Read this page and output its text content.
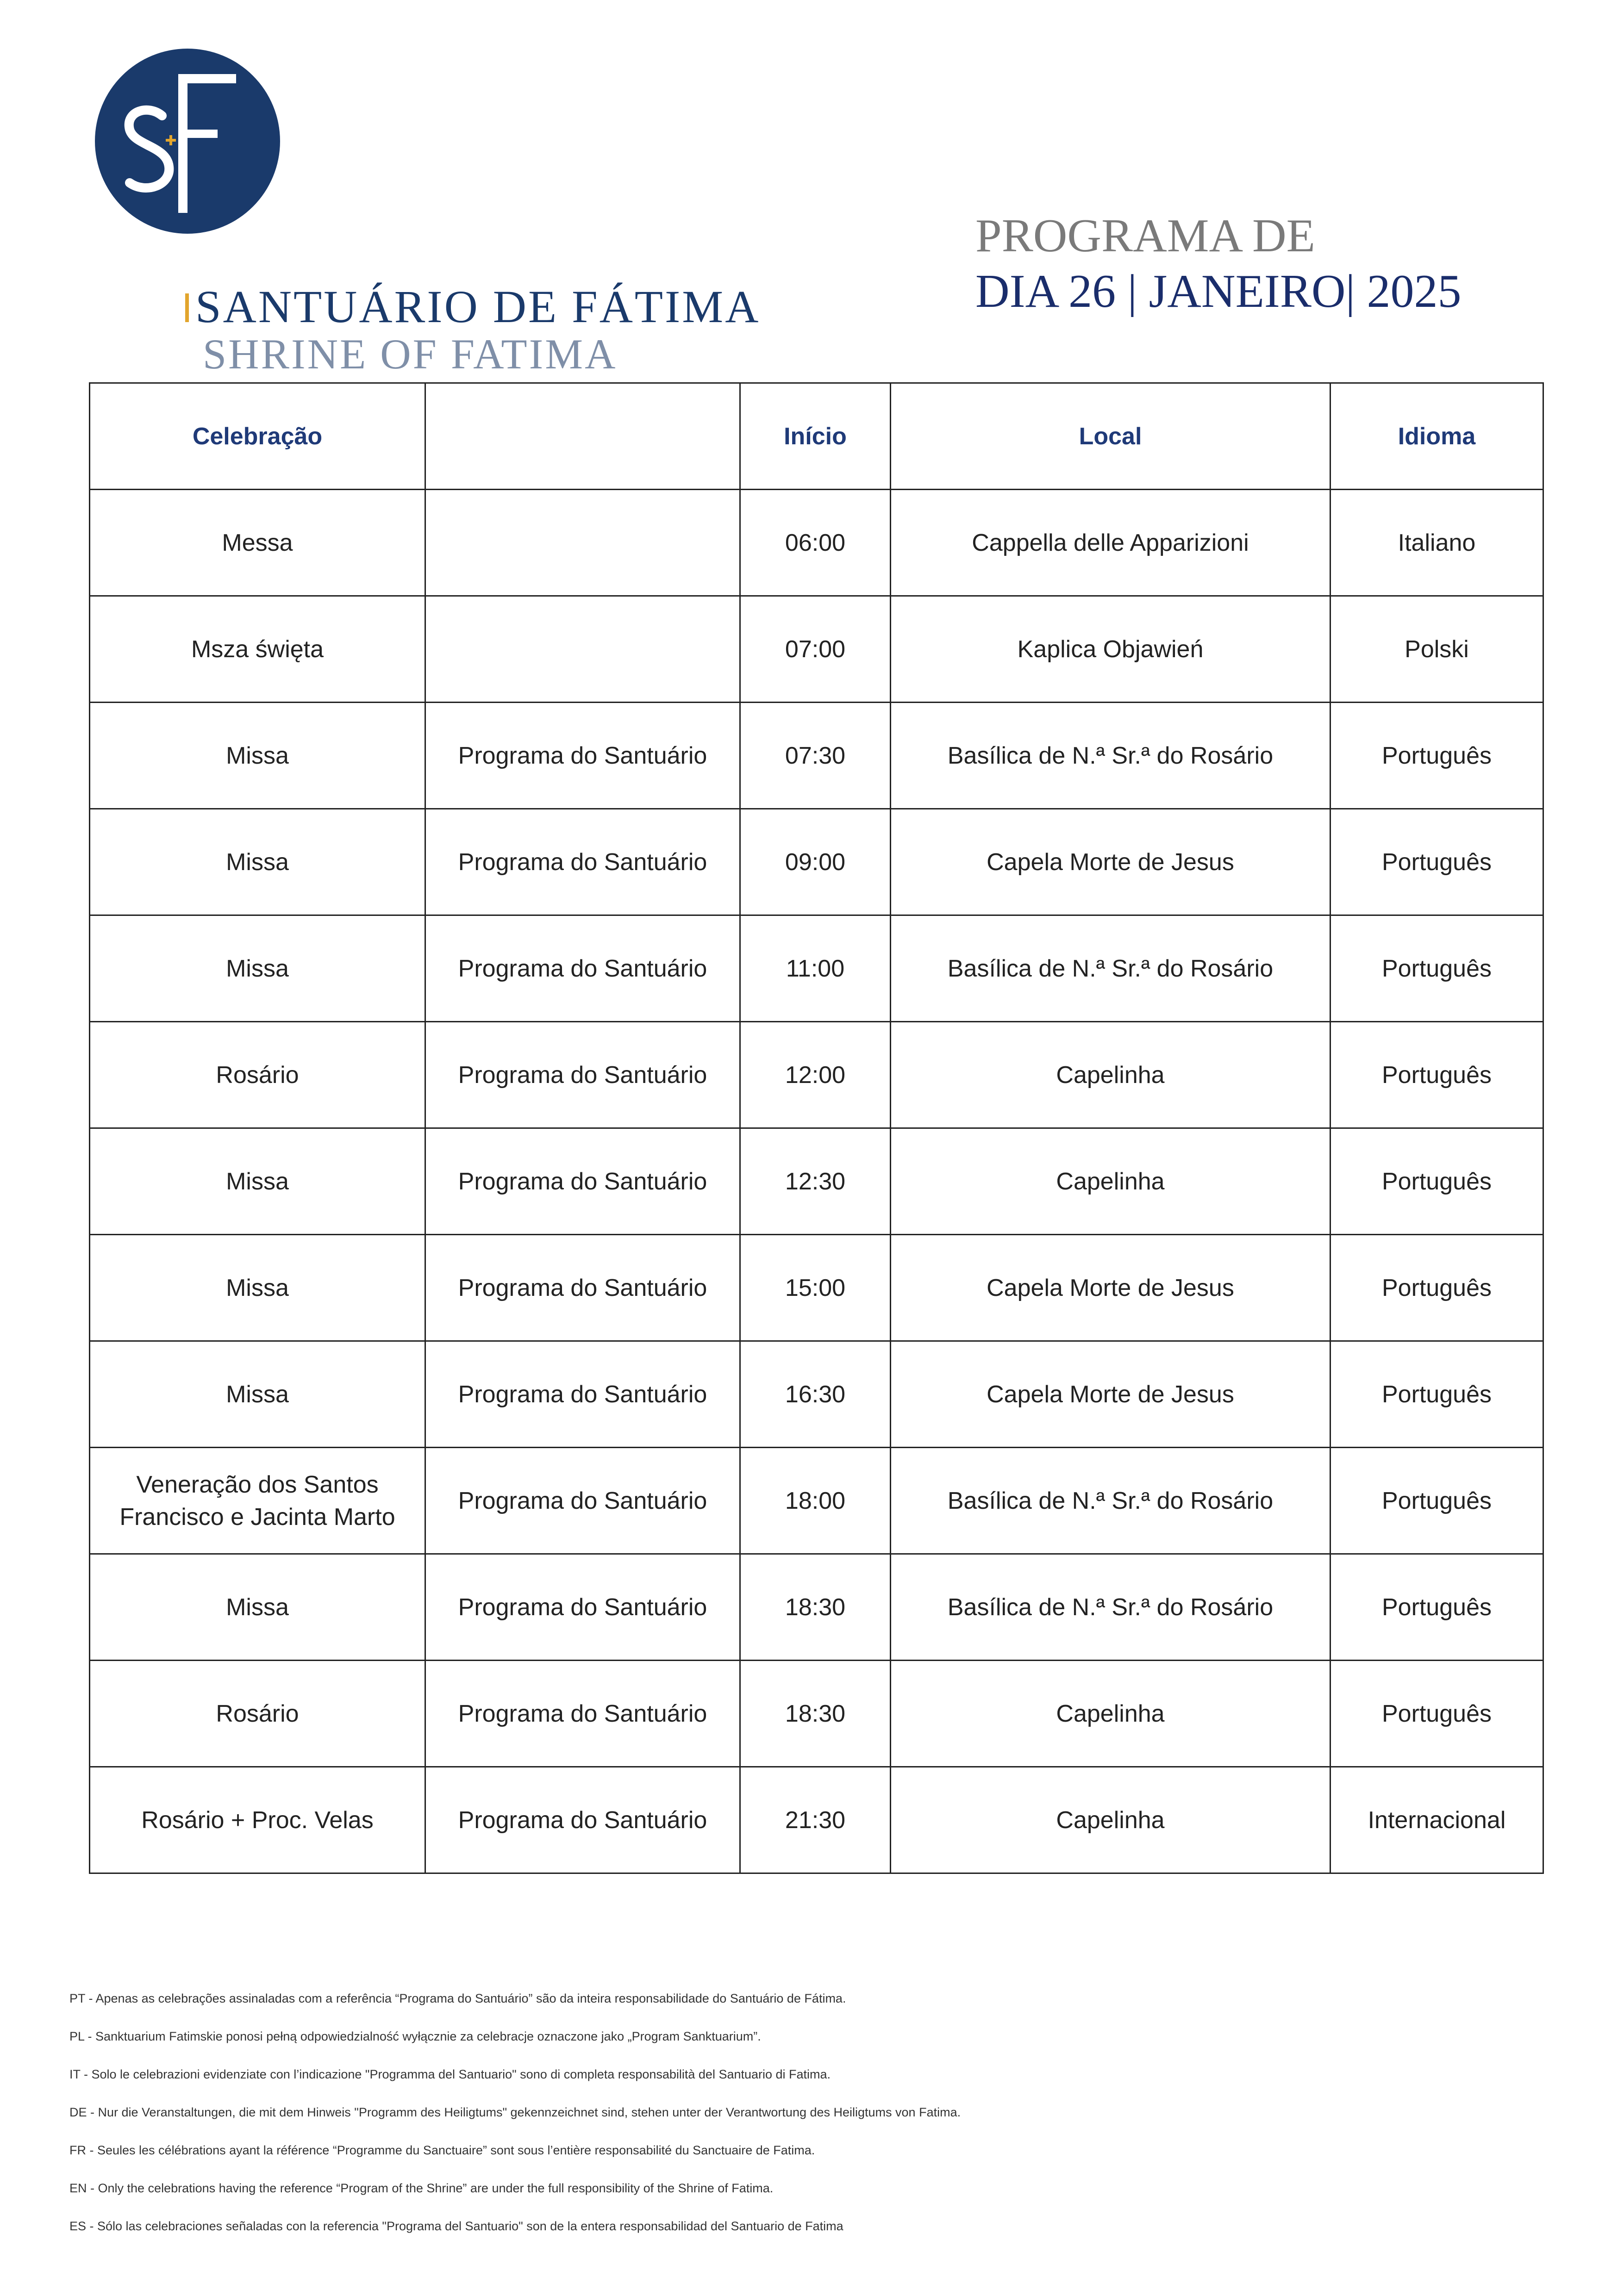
SANTUÁRIO DE FÁTIMA
SHRINE OF FATIMA
PROGRAMA DE
DIA 26 | JANEIRO| 2025
Celebração		Início	Local	Idioma
Messa		06:00	Cappella delle Apparizioni	Italiano
Msza święta		07:00	Kaplica Objawień	Polski
Missa	Programa do Santuário	07:30	Basílica de N.ª Sr.ª do Rosário	Português
Missa	Programa do Santuário	09:00	Capela Morte de Jesus	Português
Missa	Programa do Santuário	11:00	Basílica de N.ª Sr.ª do Rosário	Português
Rosário	Programa do Santuário	12:00	Capelinha	Português
Missa	Programa do Santuário	12:30	Capelinha	Português
Missa	Programa do Santuário	15:00	Capela Morte de Jesus	Português
Missa	Programa do Santuário	16:30	Capela Morte de Jesus	Português
Veneração dos Santos Francisco e Jacinta Marto	Programa do Santuário	18:00	Basílica de N.ª Sr.ª do Rosário	Português
Missa	Programa do Santuário	18:30	Basílica de N.ª Sr.ª do Rosário	Português
Rosário	Programa do Santuário	18:30	Capelinha	Português
Rosário + Proc. Velas	Programa do Santuário	21:30	Capelinha	Internacional
PT - Apenas as celebrações assinaladas com a referência “Programa do Santuário” são da inteira responsabilidade do Santuário de Fátima.
PL - Sanktuarium Fatimskie ponosi pełną odpowiedzialność wyłącznie za celebracje oznaczone jako „Program Sanktuarium”.
IT - Solo le celebrazioni evidenziate con l’indicazione "Programma del Santuario" sono di completa responsabilità del Santuario di Fatima.
DE - Nur die Veranstaltungen, die mit dem Hinweis "Programm des Heiligtums" gekennzeichnet sind, stehen unter der Verantwortung des Heiligtums von Fatima.
FR - Seules les célébrations ayant la référence “Programme du Sanctuaire” sont sous l’entière responsabilité du Sanctuaire de Fatima.
EN - Only the celebrations having the reference “Program of the Shrine” are under the full responsibility of the Shrine of Fatima.
ES - Sólo las celebraciones señaladas con la referencia "Programa del Santuario" son de la entera responsabilidad del Santuario de Fatima
